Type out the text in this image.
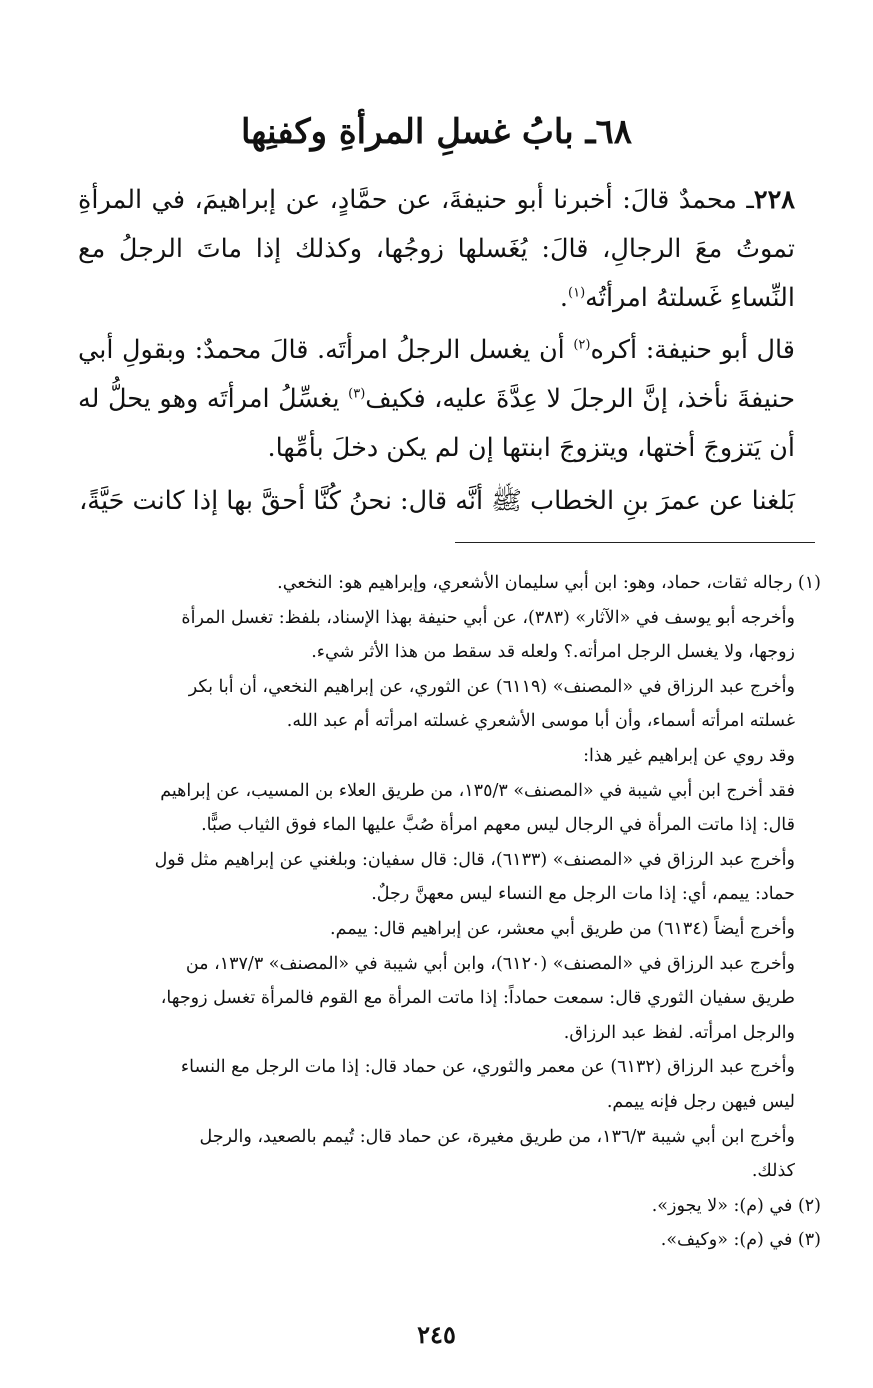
٦٨ـ بابُ غسلِ المرأةِ وكفنِها

٢٢٨ـ محمدٌ قالَ: أخبرنا أبو حنيفةَ، عن حمَّادٍ، عن إبراهيمَ، في المرأةِ تموتُ معَ الرجالِ، قالَ: يُغَسلها زوجُها، وكذلك إذا ماتَ الرجلُ مع النِّساءِ غَسلتهُ امرأتُه$^{(١)}$.

قال أبو حنيفة: أكره$^{(٢)}$ أن يغسل الرجلُ امرأتَه. قالَ محمدٌ: وبقولِ أبي حنيفةَ نأخذ، إنَّ الرجلَ لا عِدَّةَ عليه، فكيف$^{(٣)}$ يغسِّلُ امرأتَه وهو يحلُّ له أن يَتزوجَ أختها، ويتزوجَ ابنتها إن لم يكن دخلَ بأمِّها.

بَلغنا عن عمرَ بنِ الخطاب ﷺ أنَّه قال: نحنُ كُنَّا أحقَّ بها إذا كانت حَيَّةً،

(١) رجاله ثقات، حماد، وهو: ابن أبي سليمان الأشعري، وإبراهيم هو: النخعي.

وأخرجه أبو يوسف في «الآثار» (٣٨٣)، عن أبي حنيفة بهذا الإسناد، بلفظ: تغسل المرأة

زوجها، ولا يغسل الرجل امرأته.؟ ولعله قد سقط من هذا الأثر شيء.

وأخرج عبد الرزاق في «المصنف» (٦١١٩) عن الثوري، عن إبراهيم النخعي، أن أبا بكر

غسلته امرأته أسماء، وأن أبا موسى الأشعري غسلته امرأته أم عبد الله.

وقد روي عن إبراهيم غير هذا:

فقد أخرج ابن أبي شيبة في «المصنف» ١٣٥/٣، من طريق العلاء بن المسيب، عن إبراهيم

قال: إذا ماتت المرأة في الرجال ليس معهم امرأة صُبَّ عليها الماء فوق الثياب صبًّا.

وأخرج عبد الرزاق في «المصنف» (٦١٣٣)، قال: قال سفيان: وبلغني عن إبراهيم مثل قول

حماد: ييمم، أي: إذا مات الرجل مع النساء ليس معهنَّ رجلٌ.

وأخرج أيضاً (٦١٣٤) من طريق أبي معشر، عن إبراهيم قال: ييمم.

وأخرج عبد الرزاق في «المصنف» (٦١٢٠)، وابن أبي شيبة في «المصنف» ١٣٧/٣، من

طريق سفيان الثوري قال: سمعت حماداً: إذا ماتت المرأة مع القوم فالمرأة تغسل زوجها،

والرجل امرأته. لفظ عبد الرزاق.

وأخرج عبد الرزاق (٦١٣٢) عن معمر والثوري، عن حماد قال: إذا مات الرجل مع النساء

ليس فيهن رجل فإنه ييمم.

وأخرج ابن أبي شيبة ١٣٦/٣، من طريق مغيرة، عن حماد قال: تُيمم بالصعيد، والرجل

كذلك.

(٢) في (م): «لا يجوز».

(٣) في (م): «وكيف».

٢٤٥
